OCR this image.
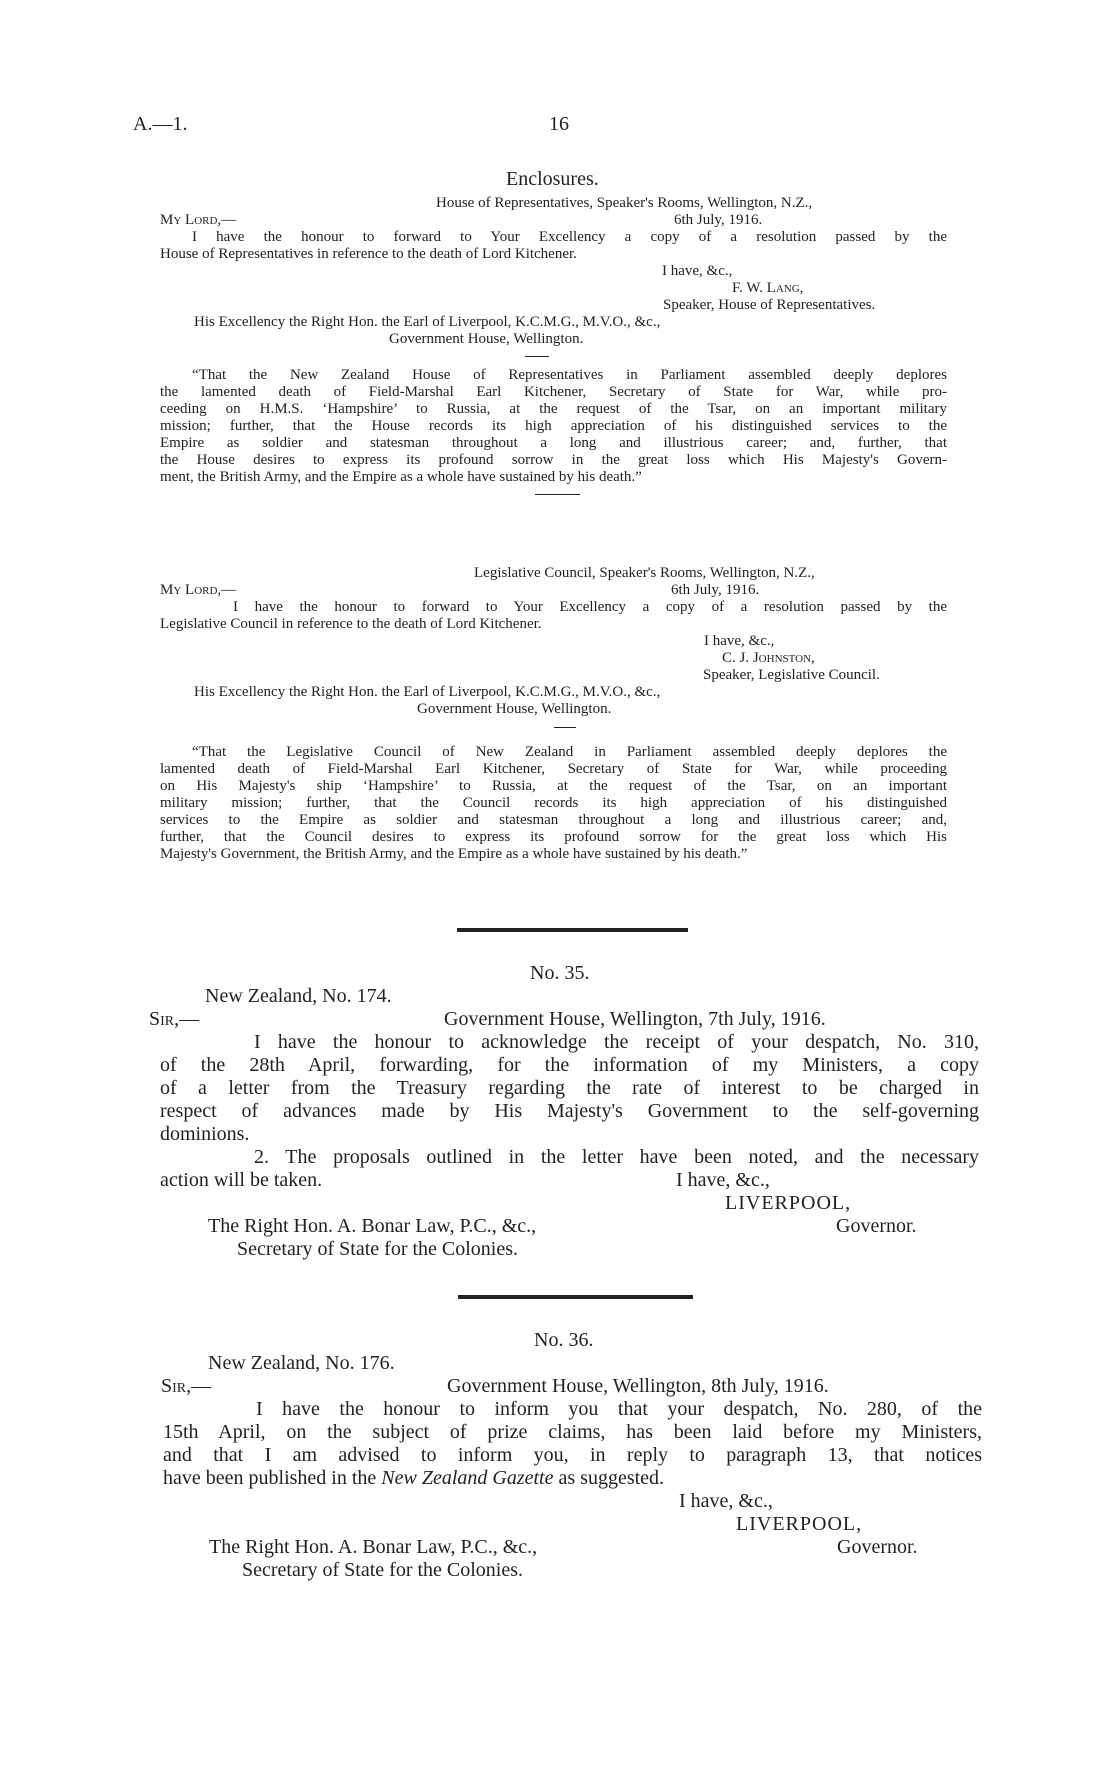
A.—1.	16
Enclosures.
House of Representatives, Speaker's Rooms, Wellington, N.Z.,
My Lord,—	6th July, 1916.
I have the honour to forward to Your Excellency a copy of a resolution passed by the
House of Representatives in reference to the death of Lord Kitchener.
I have, &c.,
F. W. Lang,
Speaker, House of Representatives.
His Excellency the Right Hon. the Earl of Liverpool, K.C.M.G., M.V.O., &c.,
Government House, Wellington.
“That the New Zealand House of Representatives in Parliament assembled deeply deplores
the lamented death of Field-Marshal Earl Kitchener, Secretary of State for War, while pro-
ceeding on H.M.S. ‘Hampshire’ to Russia, at the request of the Tsar, on an important military
mission; further, that the House records its high appreciation of his distinguished services to the
Empire as soldier and statesman throughout a long and illustrious career; and, further, that
the House desires to express its profound sorrow in the great loss which His Majesty's Govern-
ment, the British Army, and the Empire as a whole have sustained by his death.”
Legislative Council, Speaker's Rooms, Wellington, N.Z.,
My Lord,—	6th July, 1916.
I have the honour to forward to Your Excellency a copy of a resolution passed by the
Legislative Council in reference to the death of Lord Kitchener.
I have, &c.,
C. J. Johnston,
Speaker, Legislative Council.
His Excellency the Right Hon. the Earl of Liverpool, K.C.M.G., M.V.O., &c.,
Government House, Wellington.
“That the Legislative Council of New Zealand in Parliament assembled deeply deplores the
lamented death of Field-Marshal Earl Kitchener, Secretary of State for War, while proceeding
on His Majesty's ship ‘Hampshire’ to Russia, at the request of the Tsar, on an important
military mission; further, that the Council records its high appreciation of his distinguished
services to the Empire as soldier and statesman throughout a long and illustrious career; and,
further, that the Council desires to express its profound sorrow for the great loss which His
Majesty's Government, the British Army, and the Empire as a whole have sustained by his death.”
No. 35.
New Zealand, No. 174.
Sir,—	Government House, Wellington, 7th July, 1916.
I have the honour to acknowledge the receipt of your despatch, No. 310,
of the 28th April, forwarding, for the information of my Ministers, a copy
of a letter from the Treasury regarding the rate of interest to be charged in
respect of advances made by His Majesty's Government to the self-governing
dominions.
2. The proposals outlined in the letter have been noted, and the necessary
action will be taken.	I have, &c.,
LIVERPOOL,
Governor.
The Right Hon. A. Bonar Law, P.C., &c.,
Secretary of State for the Colonies.
No. 36.
New Zealand, No. 176.
Sir,—	Government House, Wellington, 8th July, 1916.
I have the honour to inform you that your despatch, No. 280, of the
15th April, on the subject of prize claims, has been laid before my Ministers,
and that I am advised to inform you, in reply to paragraph 13, that notices
have been published in the New Zealand Gazette as suggested.
I have, &c.,
LIVERPOOL,
Governor.
The Right Hon. A. Bonar Law, P.C., &c.,
Secretary of State for the Colonies.
